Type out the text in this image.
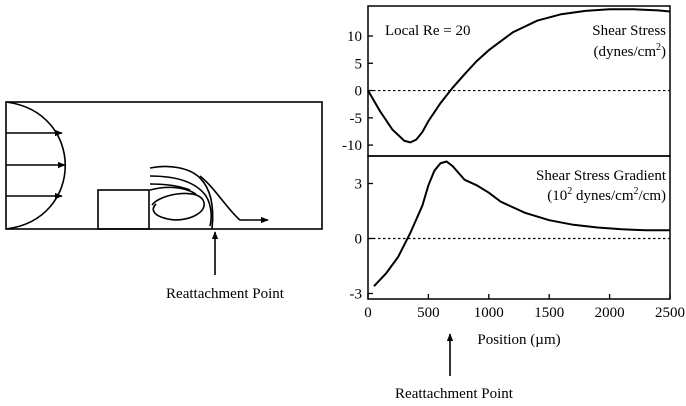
Reattachment Point
-10
-5
0
5
10 Local Re = 20	Shear Stress
$(dynes/cm^2)$
-3
0
3
0	500 1000 1500 2000 2500
Shear Stress Gradient
($10^2$ dynes/$cm^2/cm$)
Position (µm)
Reattachment Point
